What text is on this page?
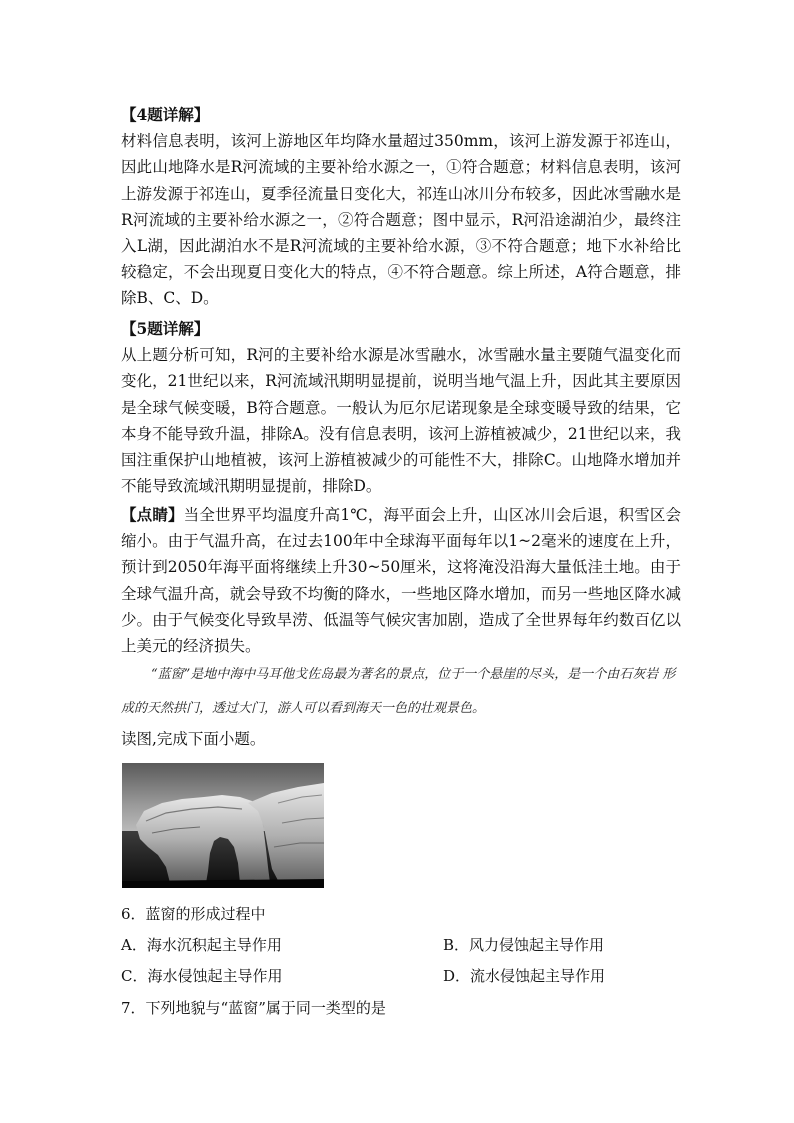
【4题详解】
材料信息表明，该河上游地区年均降水量超过350mm，该河上游发源于祁连山，因此山地降水是R河流域的主要补给水源之一，①符合题意；材料信息表明，该河上游发源于祁连山，夏季径流量日变化大，祁连山冰川分布较多，因此冰雪融水是R河流域的主要补给水源之一，②符合题意；图中显示，R河沿途湖泊少，最终注入L湖，因此湖泊水不是R河流域的主要补给水源，③不符合题意；地下水补给比较稳定，不会出现夏日变化大的特点，④不符合题意。综上所述，A符合题意，排除B、C、D。

【5题详解】
从上题分析可知，R河的主要补给水源是冰雪融水，冰雪融水量主要随气温变化而变化，21世纪以来，R河流域汛期明显提前，说明当地气温上升，因此其主要原因是全球气候变暖，B符合题意。一般认为厄尔尼诺现象是全球变暖导致的结果，它本身不能导致升温，排除A。没有信息表明，该河上游植被减少，21世纪以来，我国注重保护山地植被，该河上游植被减少的可能性不大，排除C。山地降水增加并不能导致流域汛期明显提前，排除D。

【点睛】当全世界平均温度升高1℃，海平面会上升，山区冰川会后退，积雪区会缩小。由于气温升高，在过去100年中全球海平面每年以1~2毫米的速度在上升，预计到2050年海平面将继续上升30~50厘米，这将淹没沿海大量低洼土地。由于全球气温升高，就会导致不均衡的降水，一些地区降水增加，而另一些地区降水减少。由于气候变化导致旱涝、低温等气候灾害加剧，造成了全世界每年约数百亿以上美元的经济损失。

“蓝窗”是地中海中马耳他戈佐岛最为著名的景点，位于一个悬崖的尽头，是一个由石灰岩 形成的天然拱门，透过大门，游人可以看到海天一色的壮观景色。

读图,完成下面小题。

6．蓝窗的形成过程中
A．海水沉积起主导作用	B．风力侵蚀起主导作用
C．海水侵蚀起主导作用	D．流水侵蚀起主导作用
7．下列地貌与“蓝窗”属于同一类型的是
